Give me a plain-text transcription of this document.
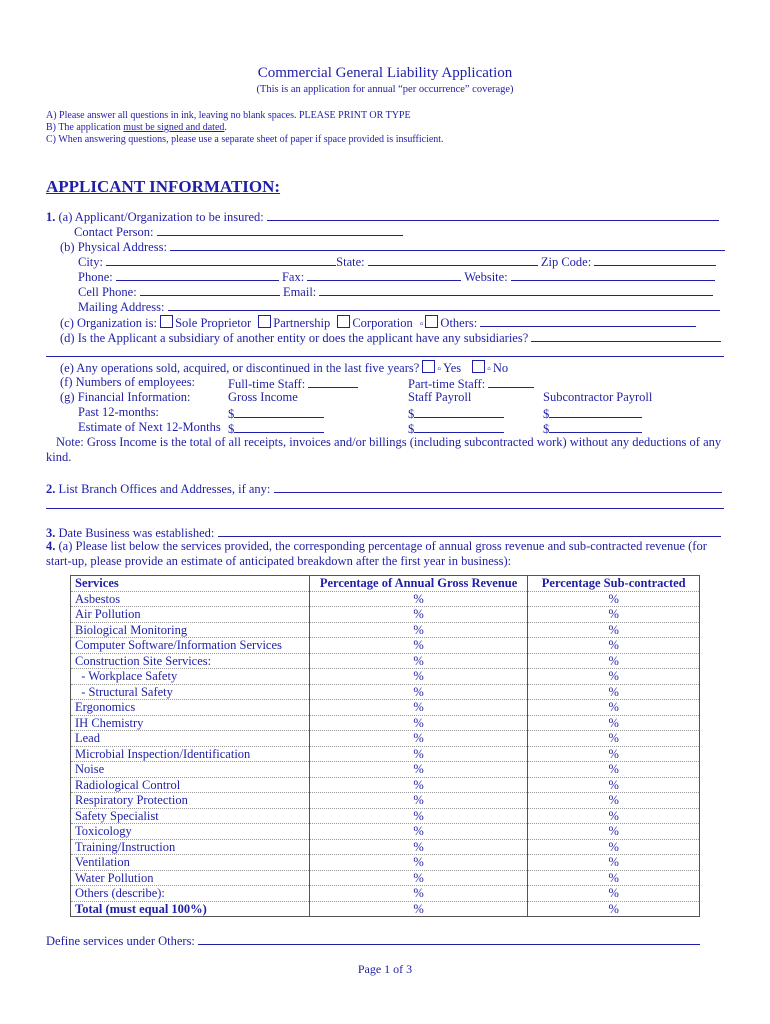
Commercial General Liability Application
(This is an application for annual “per occurrence” coverage)
A) Please answer all questions in ink, leaving no blank spaces. PLEASE PRINT OR TYPE
B) The application must be signed and dated.
C) When answering questions, please use a separate sheet of paper if space provided is insufficient.
APPLICANT INFORMATION:
1. (a) Applicant/Organization to be insured:
Contact Person:
(b) Physical Address:
City:	State:	Zip Code:
Phone:	Fax:	Website:
Cell Phone:	Email:
Mailing Address:
(c) Organization is: Sole Proprietor Partnership Corporation ▫ Others:
(d) Is the Applicant a subsidiary of another entity or does the applicant have any subsidiaries?
(e) Any operations sold, acquired, or discontinued in the last five years? ▫ Yes	▫ No
(f) Numbers of employees:	Full-time Staff:	Part-time Staff:
(g) Financial Information:	Gross Income	Staff Payroll	Subcontractor Payroll
Past 12-months:	$	$	$
Estimate of Next 12-Months $	$	$
Note: Gross Income is the total of all receipts, invoices and/or billings (including subcontracted work) without any deductions of any
kind.
2. List Branch Offices and Addresses, if any:
3. Date Business was established:
4. (a) Please list below the services provided, the corresponding percentage of annual gross revenue and sub-contracted revenue (for
start-up, please provide an estimate of anticipated breakdown after the first year in business):
Services	Percentage of Annual Gross Revenue	Percentage Sub-contracted
Asbestos	%	%
Air Pollution	%	%
Biological Monitoring	%	%
Computer Software/Information Services	%	%
Construction Site Services:	%	%
- Workplace Safety	%	%
- Structural Safety	%	%
Ergonomics	%	%
IH Chemistry	%	%
Lead	%	%
Microbial Inspection/Identification	%	%
Noise	%	%
Radiological Control	%	%
Respiratory Protection	%	%
Safety Specialist	%	%
Toxicology	%	%
Training/Instruction	%	%
Ventilation	%	%
Water Pollution	%	%
Others (describe):	%	%
Total (must equal 100%)	%	%
Define services under Others:
Page 1 of 3
